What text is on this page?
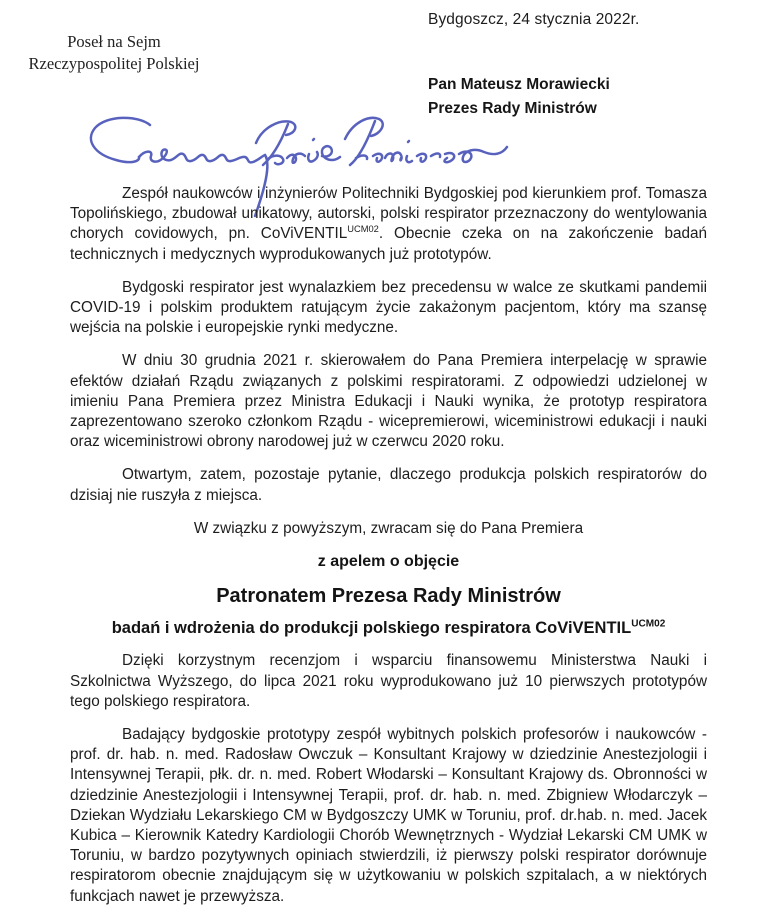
Bydgoszcz, 24 stycznia 2022r.
Poseł na Sejm
Rzeczypospolitej Polskiej
Pan Mateusz Morawiecki
Prezes Rady Ministrów

Zespół naukowców i inżynierów Politechniki Bydgoskiej pod kierunkiem prof. Tomasza Topolińskiego, zbudował unikatowy, autorski, polski respirator przeznaczony do wentylowania chorych covidowych, pn. CoViVENTIL$^{UCM02}$. Obecnie czeka on na zakończenie badań technicznych i medycznych wyprodukowanych już prototypów.

Bydgoski respirator jest wynalazkiem bez precedensu w walce ze skutkami pandemii COVID-19 i polskim produktem ratującym życie zakażonym pacjentom, który ma szansę wejścia na polskie i europejskie rynki medyczne.

W dniu 30 grudnia 2021 r. skierowałem do Pana Premiera interpelację w sprawie efektów działań Rządu związanych z polskimi respiratorami. Z odpowiedzi udzielonej w imieniu Pana Premiera przez Ministra Edukacji i Nauki wynika, że prototyp respiratora zaprezentowano szeroko członkom Rządu - wicepremierowi, wiceministrowi edukacji i nauki oraz wiceministrowi obrony narodowej już w czerwcu 2020 roku.

Otwartym, zatem, pozostaje pytanie, dlaczego produkcja polskich respiratorów do dzisiaj nie ruszyła z miejsca.

W związku z powyższym, zwracam się do Pana Premiera

z apelem o objęcie

Patronatem Prezesa Rady Ministrów

badań i wdrożenia do produkcji polskiego respiratora CoViVENTIL$^{UCM02}$

Dzięki korzystnym recenzjom i wsparciu finansowemu Ministerstwa Nauki i Szkolnictwa Wyższego, do lipca 2021 roku wyprodukowano już 10 pierwszych prototypów tego polskiego respiratora.

Badający bydgoskie prototypy zespół wybitnych polskich profesorów i naukowców - prof. dr. hab. n. med. Radosław Owczuk – Konsultant Krajowy w dziedzinie Anestezjologii i Intensywnej Terapii, płk. dr. n. med. Robert Włodarski – Konsultant Krajowy ds. Obronności w dziedzinie Anestezjologii i Intensywnej Terapii, prof. dr. hab. n. med. Zbigniew Włodarczyk – Dziekan Wydziału Lekarskiego CM w Bydgoszczy UMK w Toruniu, prof. dr.hab. n. med. Jacek Kubica – Kierownik Katedry Kardiologii Chorób Wewnętrznych - Wydział Lekarski CM UMK w Toruniu, w bardzo pozytywnych opiniach stwierdzili, iż pierwszy polski respirator dorównuje respiratorom obecnie znajdującym się w użytkowaniu w polskich szpitalach, a w niektórych funkcjach nawet je przewyższa.
